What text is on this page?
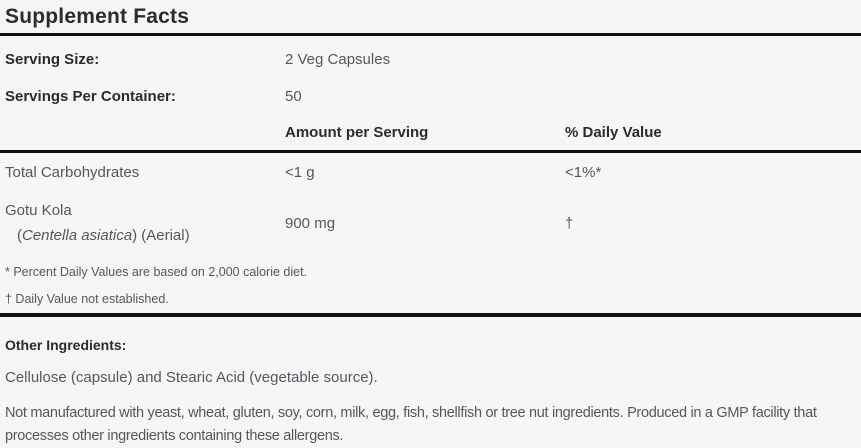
Supplement Facts
Serving Size:	2 Veg Capsules
Servings Per Container:	50
Amount per Serving	% Daily Value
Total Carbohydrates	<1 g	<1%*
Gotu Kola
(Centella asiatica) (Aerial)
900 mg	†

* Percent Daily Values are based on 2,000 calorie diet.

† Daily Value not established.

Other Ingredients:

Cellulose (capsule) and Stearic Acid (vegetable source).

Not manufactured with yeast, wheat, gluten, soy, corn, milk, egg, fish, shellfish or tree nut ingredients. Produced in a GMP facility that processes other ingredients containing these allergens.
